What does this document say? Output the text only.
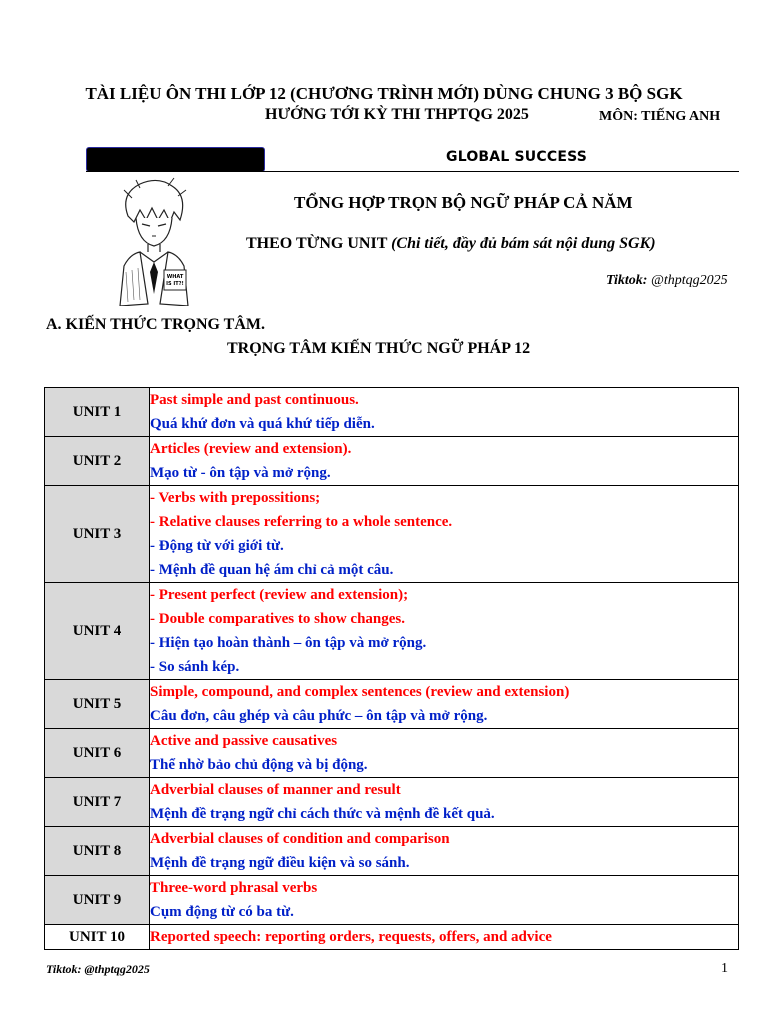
TÀI LIỆU ÔN THI LỚP 12 (CHƯƠNG TRÌNH MỚI) DÙNG CHUNG 3 BỘ SGK
HƯỚNG TỚI KỲ THI THPTQG 2025	MÔN: TIẾNG ANH
GLOBAL SUCCESS
WHAT
IS IT?!
TỔNG HỢP TRỌN BỘ NGỮ PHÁP CẢ NĂM
THEO TỪNG UNIT (Chi tiết, đầy đủ bám sát nội dung SGK)
Tiktok: @thptqg2025
A. KIẾN THỨC TRỌNG TÂM.
TRỌNG TÂM KIẾN THỨC NGỮ PHÁP 12
UNIT 1	Past simple and past continuous.
Quá khứ đơn và quá khứ tiếp diễn.

UNIT 2	Articles (review and extension).
Mạo từ - ôn tập và mở rộng.

UNIT 3	- Verbs with prepossitions;
- Relative clauses referring to a whole sentence.
- Động từ với giới từ.
- Mệnh đề quan hệ ám chỉ cả một câu.

UNIT 4	- Present perfect (review and extension);
- Double comparatives to show changes.
- Hiện tạo hoàn thành – ôn tập và mở rộng.
- So sánh kép.

UNIT 5	Simple, compound, and complex sentences (review and extension)
Câu đơn, câu ghép và câu phức – ôn tập và mở rộng.

UNIT 6	Active and passive causatives
Thể nhờ bảo chủ động và bị động.

UNIT 7	Adverbial clauses of manner and result
Mệnh đề trạng ngữ chỉ cách thức và mệnh đề kết quả.

UNIT 8	Adverbial clauses of condition and comparison
Mệnh đề trạng ngữ điều kiện và so sánh.

UNIT 9	Three-word phrasal verbs
Cụm động từ có ba từ.

UNIT 10	Reported speech: reporting orders, requests, offers, and advice
Tiktok: @thptqg2025	1
